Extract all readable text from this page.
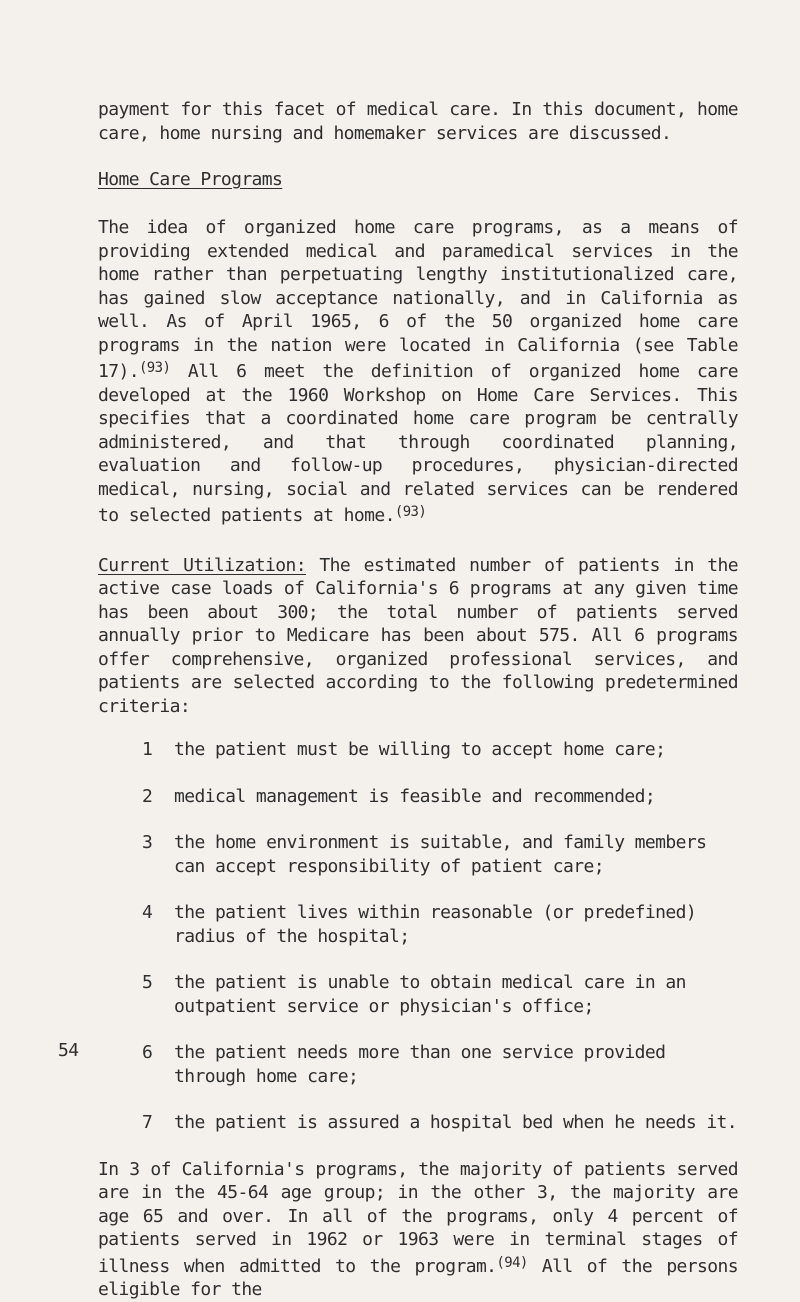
payment for this facet of medical care. In this document, home care, home nursing and homemaker services are discussed.

Home Care Programs

The idea of organized home care programs, as a means of providing extended medical and paramedical services in the home rather than perpetuating lengthy institutionalized care, has gained slow acceptance nationally, and in California as well. As of April 1965, 6 of the 50 organized home care programs in the nation were located in California (see Table 17).$^{(93)}$ All 6 meet the definition of organized home care developed at the 1960 Workshop on Home Care Services. This specifies that a coordinated home care program be centrally administered, and that through coordinated planning, evaluation and follow-up procedures, physician-directed medical, nursing, social and related services can be rendered to selected patients at home.$^{(93)}$

Current Utilization: The estimated number of patients in the active case loads of California's 6 programs at any given time has been about 300; the total number of patients served annually prior to Medicare has been about 575. All 6 programs offer comprehensive, organized professional services, and patients are selected according to the following predetermined criteria:

1	the patient must be willing to accept home care;
2	medical management is feasible and recommended;
3	the home environment is suitable, and family members can accept responsibility of patient care;
4	the patient lives within reasonable (or predefined) radius of the hospital;
5	the patient is unable to obtain medical care in an outpatient service or physician's office;
6	the patient needs more than one service provided through home care;
7	the patient is assured a hospital bed when he needs it.

In 3 of California's programs, the majority of patients served are in the 45-64 age group; in the other 3, the majority are age 65 and over. In all of the programs, only 4 percent of patients served in 1962 or 1963 were in terminal stages of illness when admitted to the program.$^{(94)}$ All of the persons eligible for the

54
